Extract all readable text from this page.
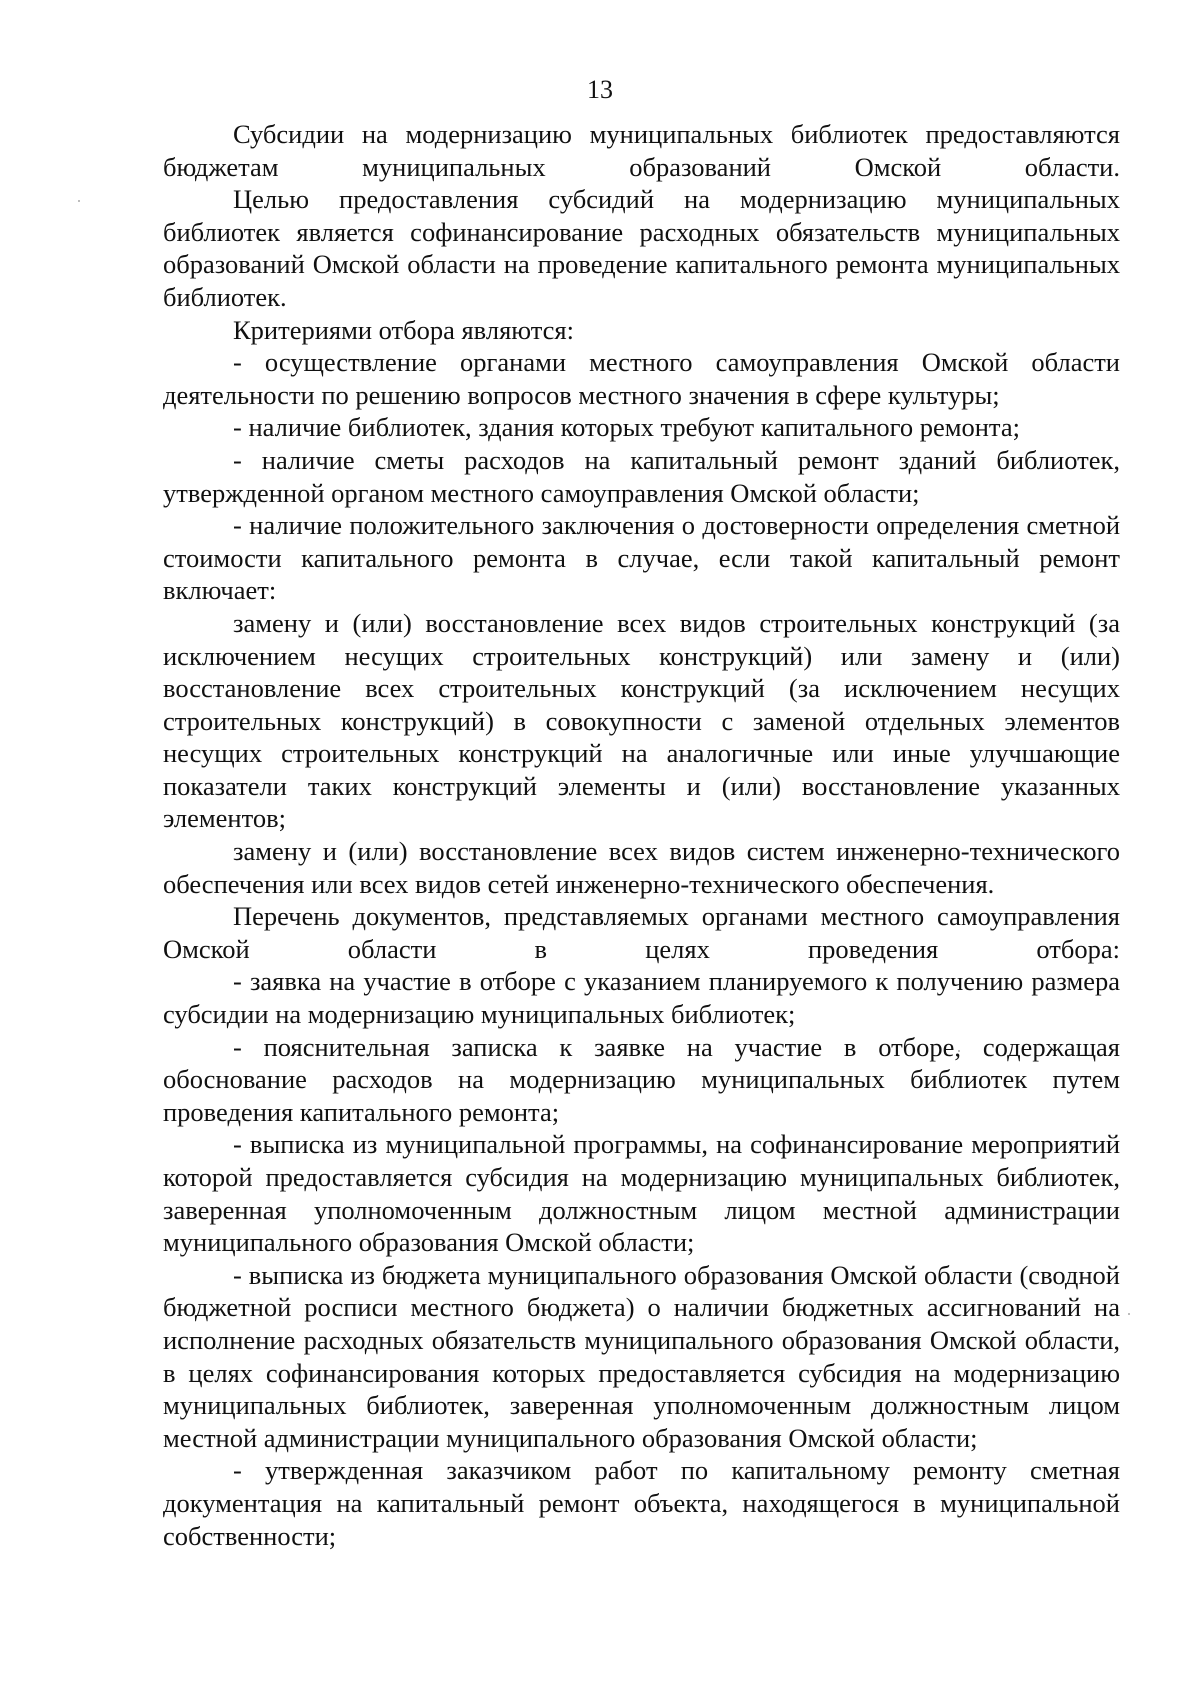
13

Субсидии на модернизацию муниципальных библиотек предоставляются бюджетам муниципальных образований Омской области.

Целью предоставления субсидий на модернизацию муниципальных библиотек является софинансирование расходных обязательств муниципальных образований Омской области на проведение капитального ремонта муниципальных библиотек.

Критериями отбора являются:

- осуществление органами местного самоуправления Омской области деятельности по решению вопросов местного значения в сфере культуры;

- наличие библиотек, здания которых требуют капитального ремонта;

- наличие сметы расходов на капитальный ремонт зданий библиотек, утвержденной органом местного самоуправления Омской области;

- наличие положительного заключения о достоверности определения сметной стоимости капитального ремонта в случае, если такой капитальный ремонт включает:

замену и (или) восстановление всех видов строительных конструкций (за исключением несущих строительных конструкций) или замену и (или) восстановление всех строительных конструкций (за исключением несущих строительных конструкций) в совокупности с заменой отдельных элементов несущих строительных конструкций на аналогичные или иные улучшающие показатели таких конструкций элементы и (или) восстановление указанных элементов;

замену и (или) восстановление всех видов систем инженерно-технического обеспечения или всех видов сетей инженерно-технического обеспечения.

Перечень документов, представляемых органами местного самоуправления Омской области в целях проведения отбора:

- заявка на участие в отборе с указанием планируемого к получению размера субсидии на модернизацию муниципальных библиотек;

- пояснительная записка к заявке на участие в отборе, содержащая обоснование расходов на модернизацию муниципальных библиотек путем проведения капитального ремонта;

- выписка из муниципальной программы, на софинансирование мероприятий которой предоставляется субсидия на модернизацию муниципальных библиотек, заверенная уполномоченным должностным лицом местной администрации муниципального образования Омской области;

- выписка из бюджета муниципального образования Омской области (сводной бюджетной росписи местного бюджета) о наличии бюджетных ассигнований на исполнение расходных обязательств муниципального образования Омской области, в целях софинансирования которых предоставляется субсидия на модернизацию муниципальных библиотек, заверенная уполномоченным должностным лицом местной администрации муниципального образования Омской области;

- утвержденная заказчиком работ по капитальному ремонту сметная документация на капитальный ремонт объекта, находящегося в муниципальной собственности;
